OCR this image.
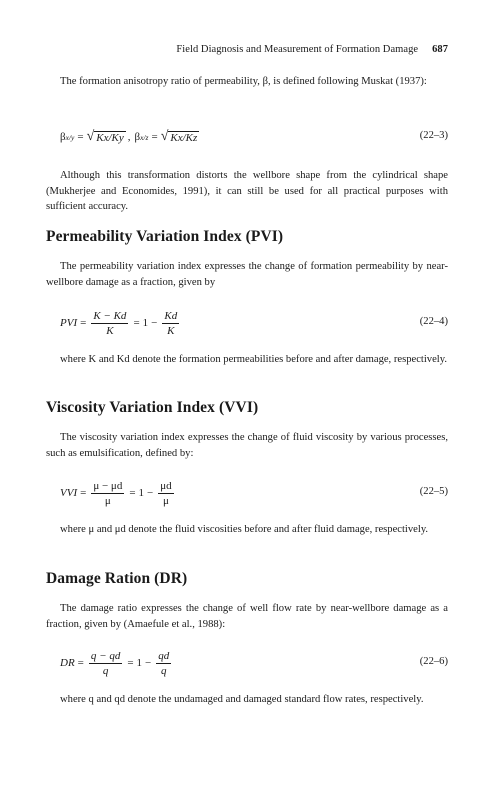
Field Diagnosis and Measurement of Formation Damage 687

The formation anisotropy ratio of permeability, β, is defined following Muskat (1937):

β x/y = √ Kx/Ky , β x/z = √ Kx/Kz	(22–3)

Although this transformation distorts the wellbore shape from the cylindrical shape (Mukherjee and Economides, 1991), it can still be used for all practical purposes with sufficient accuracy.

Permeability Variation Index (PVI)

The permeability variation index expresses the change of formation permeability by near-wellbore damage as a fraction, given by

PVI = $\frac{K - Kd}{K} = 1 - \frac{Kd}{K}$	(22–4)

where K and Kd denote the formation permeabilities before and after damage, respectively.

Viscosity Variation Index (VVI)

The viscosity variation index expresses the change of fluid viscosity by various processes, such as emulsification, defined by:

VVI = $\frac{\mu - \mu d}{\mu} = 1 - \frac{\mu d}{\mu}$	(22–5)

where μ and μd denote the fluid viscosities before and after fluid damage, respectively.

Damage Ration (DR)

The damage ratio expresses the change of well flow rate by near-wellbore damage as a fraction, given by (Amaefule et al., 1988):

DR = $\frac{q - qd}{q} = 1 - \frac{qd}{q}$	(22–6)

where q and qd denote the undamaged and damaged standard flow rates, respectively.
